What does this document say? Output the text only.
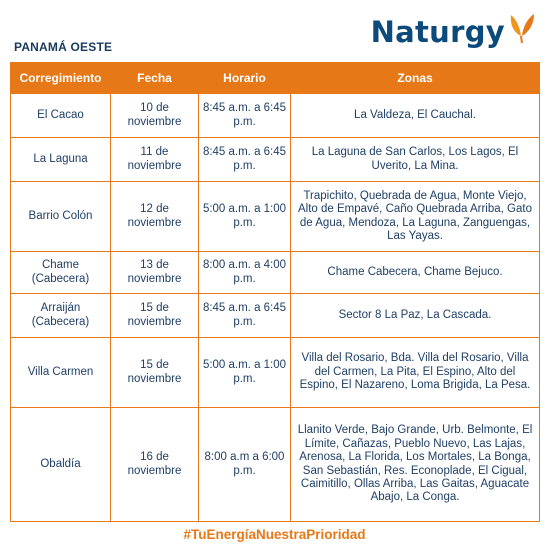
PANAMÁ OESTE	Naturgy
Corregimiento	Fecha	Horario	Zonas
El Cacao	10 de noviembre	8:45 a.m. a 6:45 p.m.	La Valdeza, El Cauchal.
La Laguna	11 de noviembre	8:45 a.m. a 6:45 p.m.	La Laguna de San Carlos, Los Lagos, El Uverito, La Mina.
Barrio Colón	12 de noviembre	5:00 a.m. a 1:00 p.m.	Trapichito, Quebrada de Agua, Monte Viejo, Alto de Empavé, Caño Quebrada Arriba, Gato de Agua, Mendoza, La Laguna, Zanguengas, Las Yayas.
Chame (Cabecera)	13 de noviembre	8:00 a.m. a 4:00 p.m.	Chame Cabecera, Chame Bejuco.
Arraiján (Cabecera)	15 de noviembre	8:45 a.m. a 6:45 p.m.	Sector 8 La Paz, La Cascada.
Villa Carmen	15 de noviembre	5:00 a.m. a 1:00 p.m.	Villa del Rosario, Bda. Villa del Rosario, Villa del Carmen, La Pita, El Espino, Alto del Espino, El Nazareno, Loma Brigida, La Pesa.
Obaldía	16 de noviembre	8:00 a.m a 6:00 p.m.	Llanito Verde, Bajo Grande, Urb. Belmonte, El Límite, Cañazas, Pueblo Nuevo, Las Lajas, Arenosa, La Florida, Los Mortales, La Bonga, San Sebastián, Res. Econoplade, El Cigual, Caimitillo, Ollas Arriba, Las Gaitas, Aguacate Abajo, La Conga.
#TuEnergíaNuestraPrioridad
